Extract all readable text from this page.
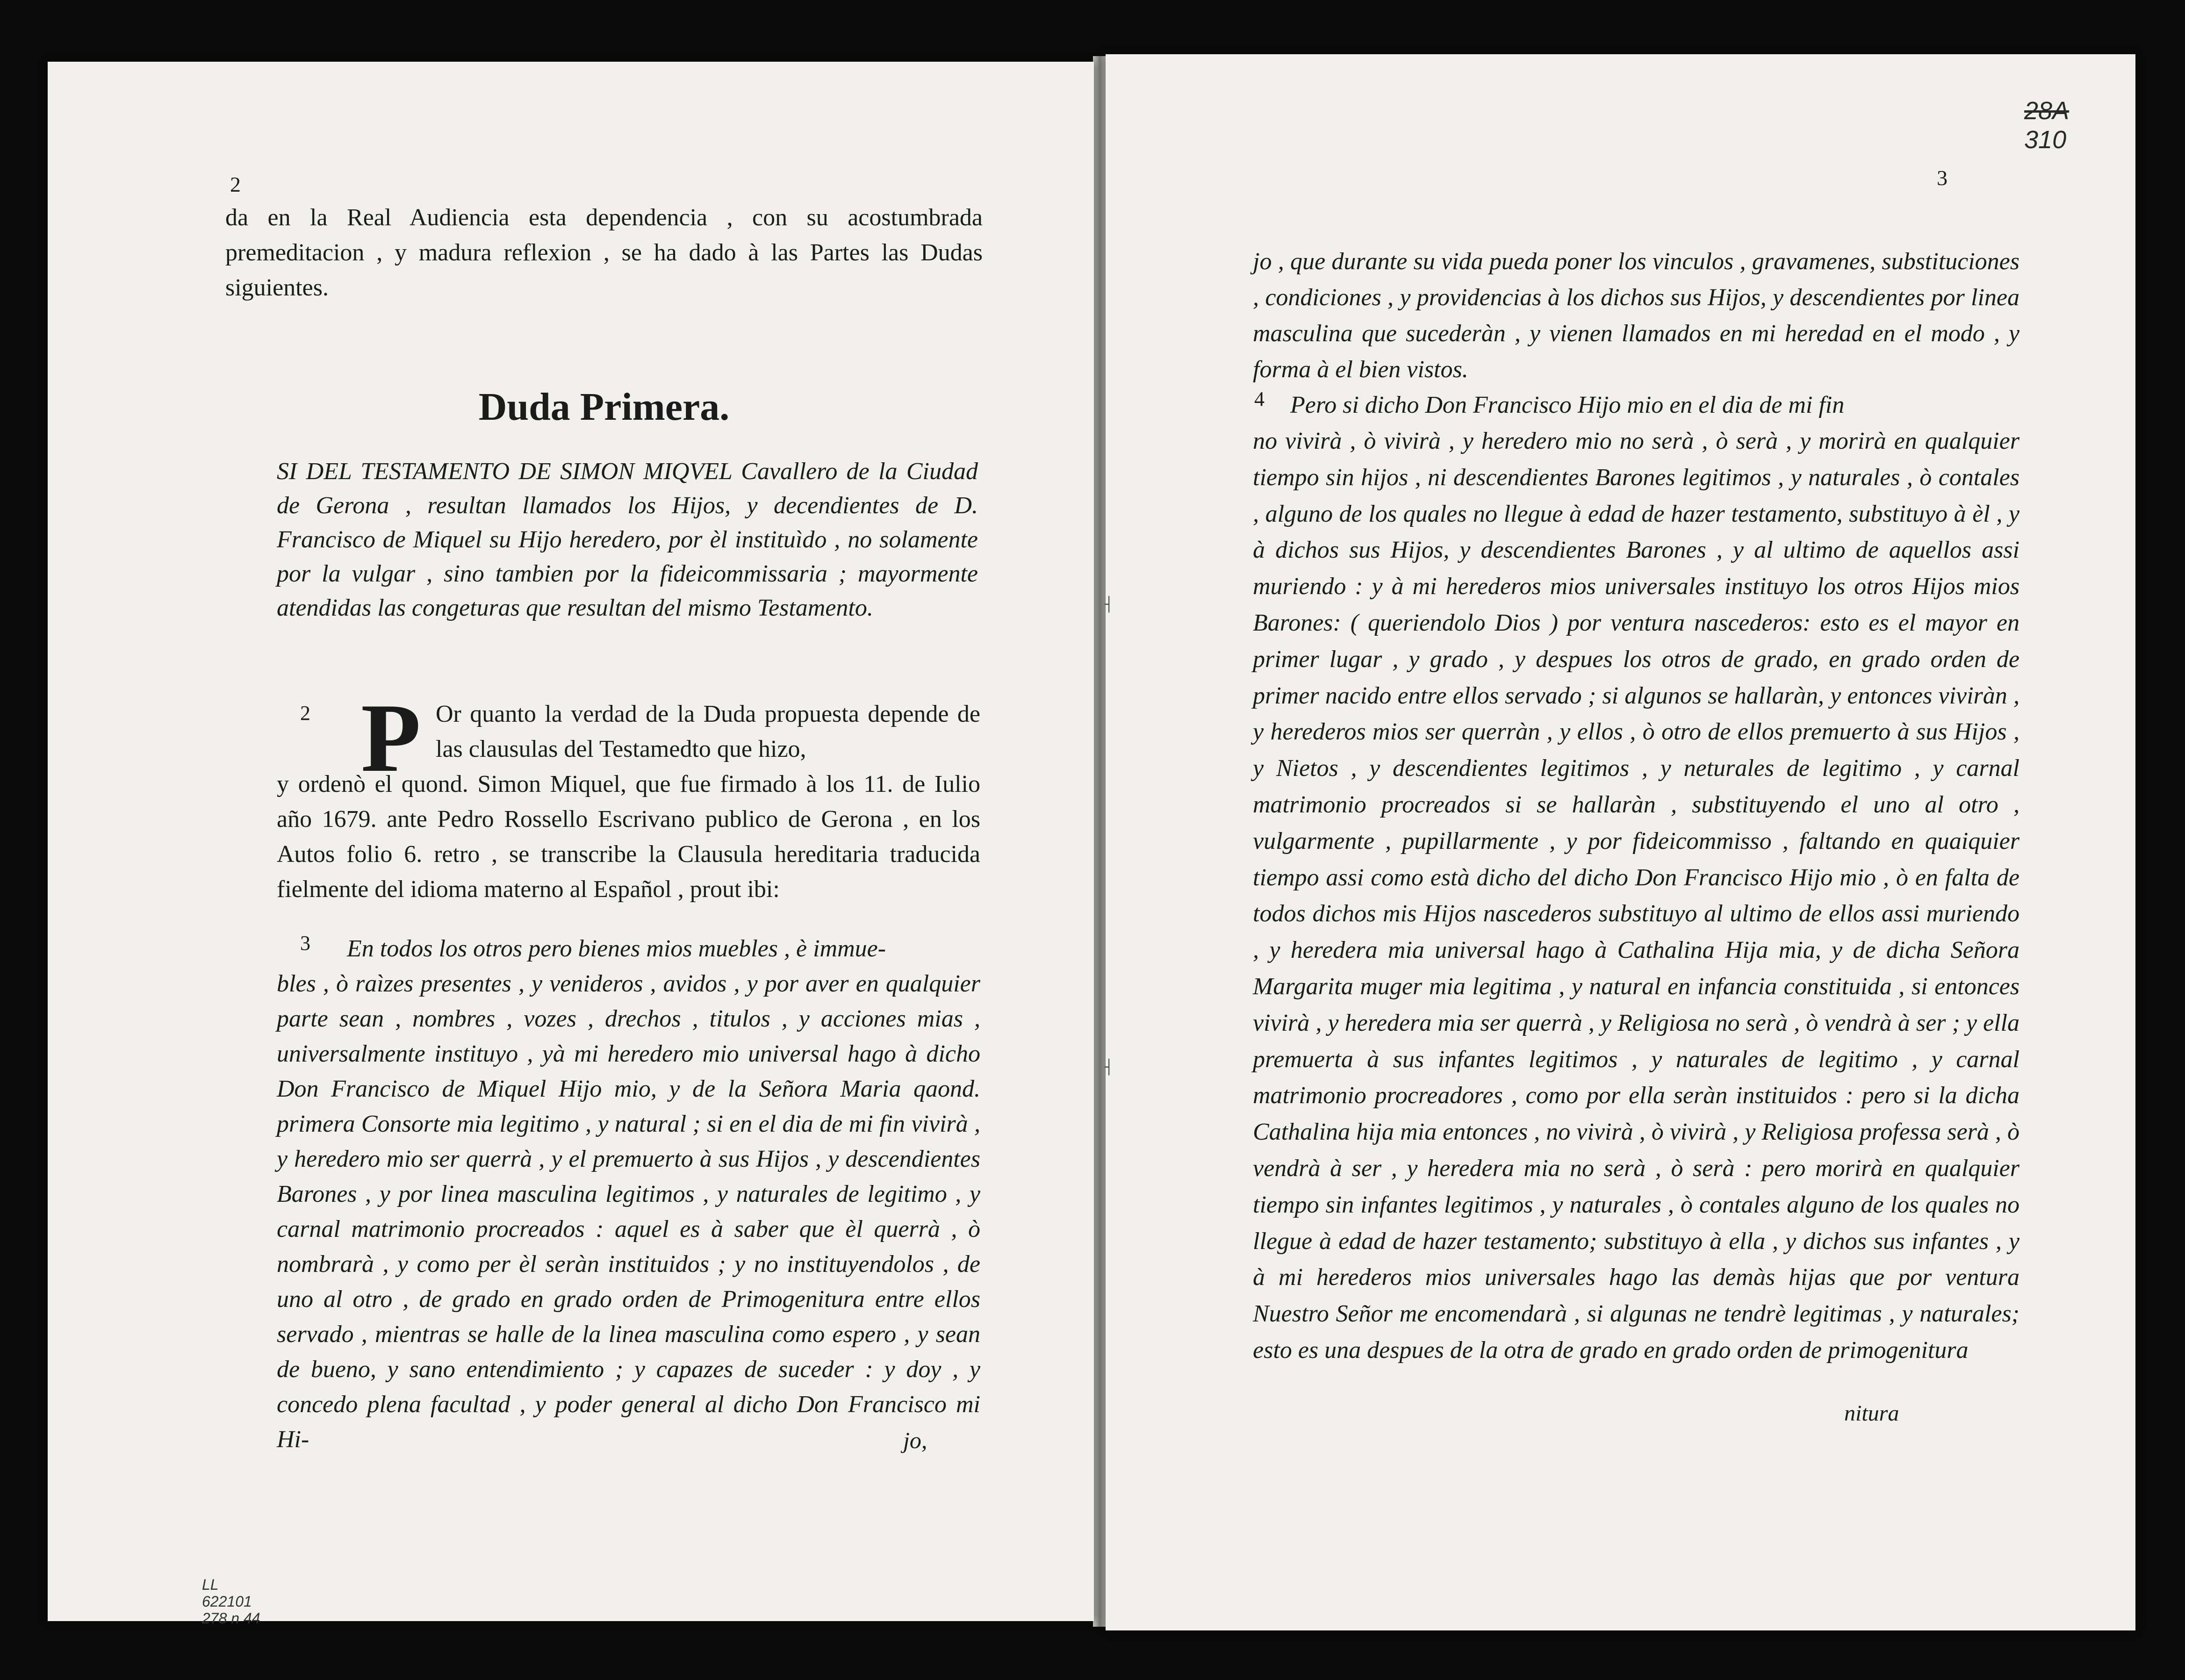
2

da en la Real Audiencia esta dependencia , con su acostumbrada premeditacion , y madura reflexion , se ha dado à las Partes las Dudas siguientes.

Duda Primera.

SI DEL TESTAMENTO DE SIMON MIQVEL Cavallero de la Ciudad de Gerona , resultan llamados los Hijos, y decendientes de D. Francisco de Miquel su Hijo heredero, por èl instituìdo , no solamente por la vulgar , sino tambien por la fideicommissaria ; mayormente atendidas las congeturas que resultan del mismo Testamento.

2 P Or quanto la verdad de la Duda propuesta depende de las clausulas del Testamedto que hizo,

y ordenò el quond. Simon Miquel, que fue firmado à los 11. de Iulio año 1679. ante Pedro Rossello Escrivano publico de Gerona , en los Autos folio 6. retro , se transcribe la Clausula hereditaria traducida fielmente del idioma materno al Español , prout ibi:

3 En todos los otros pero bienes mios muebles , è immue-

bles , ò raìzes presentes , y venideros , avidos , y por aver en qualquier parte sean , nombres , vozes , drechos , titulos , y acciones mias , universalmente instituyo , yà mi heredero mio universal hago à dicho Don Francisco de Miquel Hijo mio, y de la Señora Maria qaond. primera Consorte mia legitimo , y natural ; si en el dia de mi fin vivirà , y heredero mio ser querrà , y el premuerto à sus Hijos , y descendientes Barones , y por linea masculina legitimos , y naturales de legitimo , y carnal matrimonio procreados : aquel es à saber que èl querrà , ò nombrarà , y como per èl seràn instituidos ; y no instituyendolos , de uno al otro , de grado en grado orden de Primogenitura entre ellos servado , mientras se halle de la linea masculina como espero , y sean de bueno, y sano entendimiento ; y capazes de suceder : y doy , y concedo plena facultad , y poder general al dicho Don Francisco mi Hi-	jo,
LL
622101
278 n 44
3
28A
310

jo , que durante su vida pueda poner los vinculos , gravamenes, substituciones , condiciones , y providencias à los dichos sus Hijos, y descendientes por linea masculina que sucederàn , y vienen llamados en mi heredad en el modo , y forma à el bien vistos.

4 Pero si dicho Don Francisco Hijo mio en el dia de mi fin

no vivirà , ò vivirà , y heredero mio no serà , ò serà , y morirà en qualquier tiempo sin hijos , ni descendientes Barones legitimos , y naturales , ò contales , alguno de los quales no llegue à edad de hazer testamento, substituyo à èl , y à dichos sus Hijos, y descendientes Barones , y al ultimo de aquellos assi muriendo : y à mi herederos mios universales instituyo los otros Hijos mios Barones: ( queriendolo Dios ) por ventura nascederos: esto es el mayor en primer lugar , y grado , y despues los otros de grado, en grado orden de primer nacido entre ellos servado ; si algunos se hallaràn, y entonces viviràn , y herederos mios ser querràn , y ellos , ò otro de ellos premuerto à sus Hijos , y Nietos , y descendientes legitimos , y neturales de legitimo , y carnal matrimonio procreados si se hallaràn , substituyendo el uno al otro , vulgarmente , pupillarmente , y por fideicommisso , faltando en quaiquier tiempo assi como està dicho del dicho Don Francisco Hijo mio , ò en falta de todos dichos mis Hijos nascederos substituyo al ultimo de ellos assi muriendo , y heredera mia universal hago à Cathalina Hija mia, y de dicha Señora Margarita muger mia legitima , y natural en infancia constituida , si entonces vivirà , y heredera mia ser querrà , y Religiosa no serà , ò vendrà à ser ; y ella premuerta à sus infantes legitimos , y naturales de legitimo , y carnal matrimonio procreadores , como por ella seràn instituidos : pero si la dicha Cathalina hija mia entonces , no vivirà , ò vivirà , y Religiosa professa serà , ò vendrà à ser , y heredera mia no serà , ò serà : pero morirà en qualquier tiempo sin infantes legitimos , y naturales , ò contales alguno de los quales no llegue à edad de hazer testamento; substituyo à ella , y dichos sus infantes , y à mi herederos mios universales hago las demàs hijas que por ventura Nuestro Señor me encomendarà , si algunas ne tendrè legitimas , y naturales; esto es una despues de la otra de grado en grado orden de primogenitura

nitura
┤
┤
